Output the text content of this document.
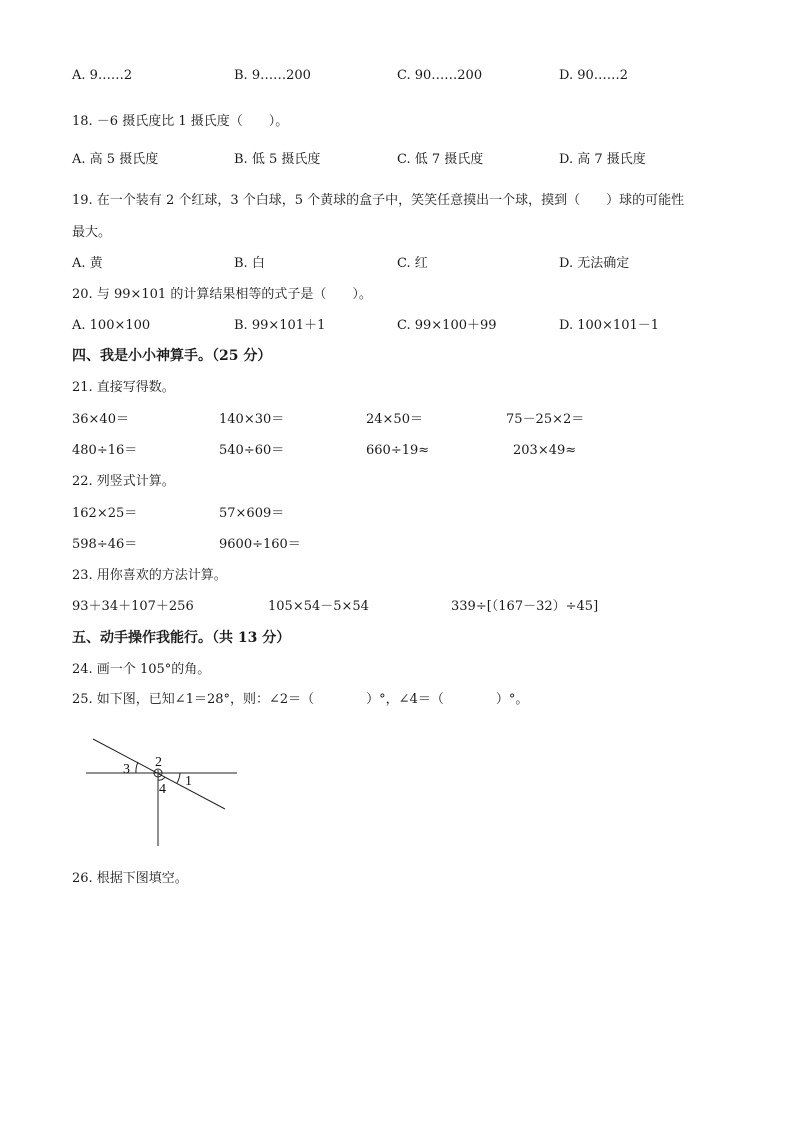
A. 9……2	B. 9……200	C. 90……200	D. 90……2
18. －6 摄氏度比 1 摄氏度（　　）。
A. 高 5 摄氏度	B. 低 5 摄氏度	C. 低 7 摄氏度	D. 高 7 摄氏度
19. 在一个装有 2 个红球，3 个白球，5 个黄球的盒子中，笑笑任意摸出一个球，摸到（　　）球的可能性
最大。
A. 黄	B. 白	C. 红	D. 无法确定
20. 与 99×101 的计算结果相等的式子是（　　）。
A. 100×100	B. 99×101＋1	C. 99×100＋99	D. 100×101－1
四、我是小小神算手。（25 分）
21. 直接写得数。
36×40＝	140×30＝	24×50＝	75－25×2＝
480÷16＝	540÷60＝	660÷19≈	203×49≈
22. 列竖式计算。
162×25＝	57×609＝
598÷46＝	9600÷160＝
23. 用你喜欢的方法计算。
93＋34＋107＋256	105×54－5×54	339÷[（167－32）÷45]
五、动手操作我能行。（共 13 分）
24. 画一个 105°的角。
25. 如下图，已知∠1＝28°，则：∠2＝（　　　　）°，∠4＝（　　　　）°。
3 2
1
4
26. 根据下图填空。
